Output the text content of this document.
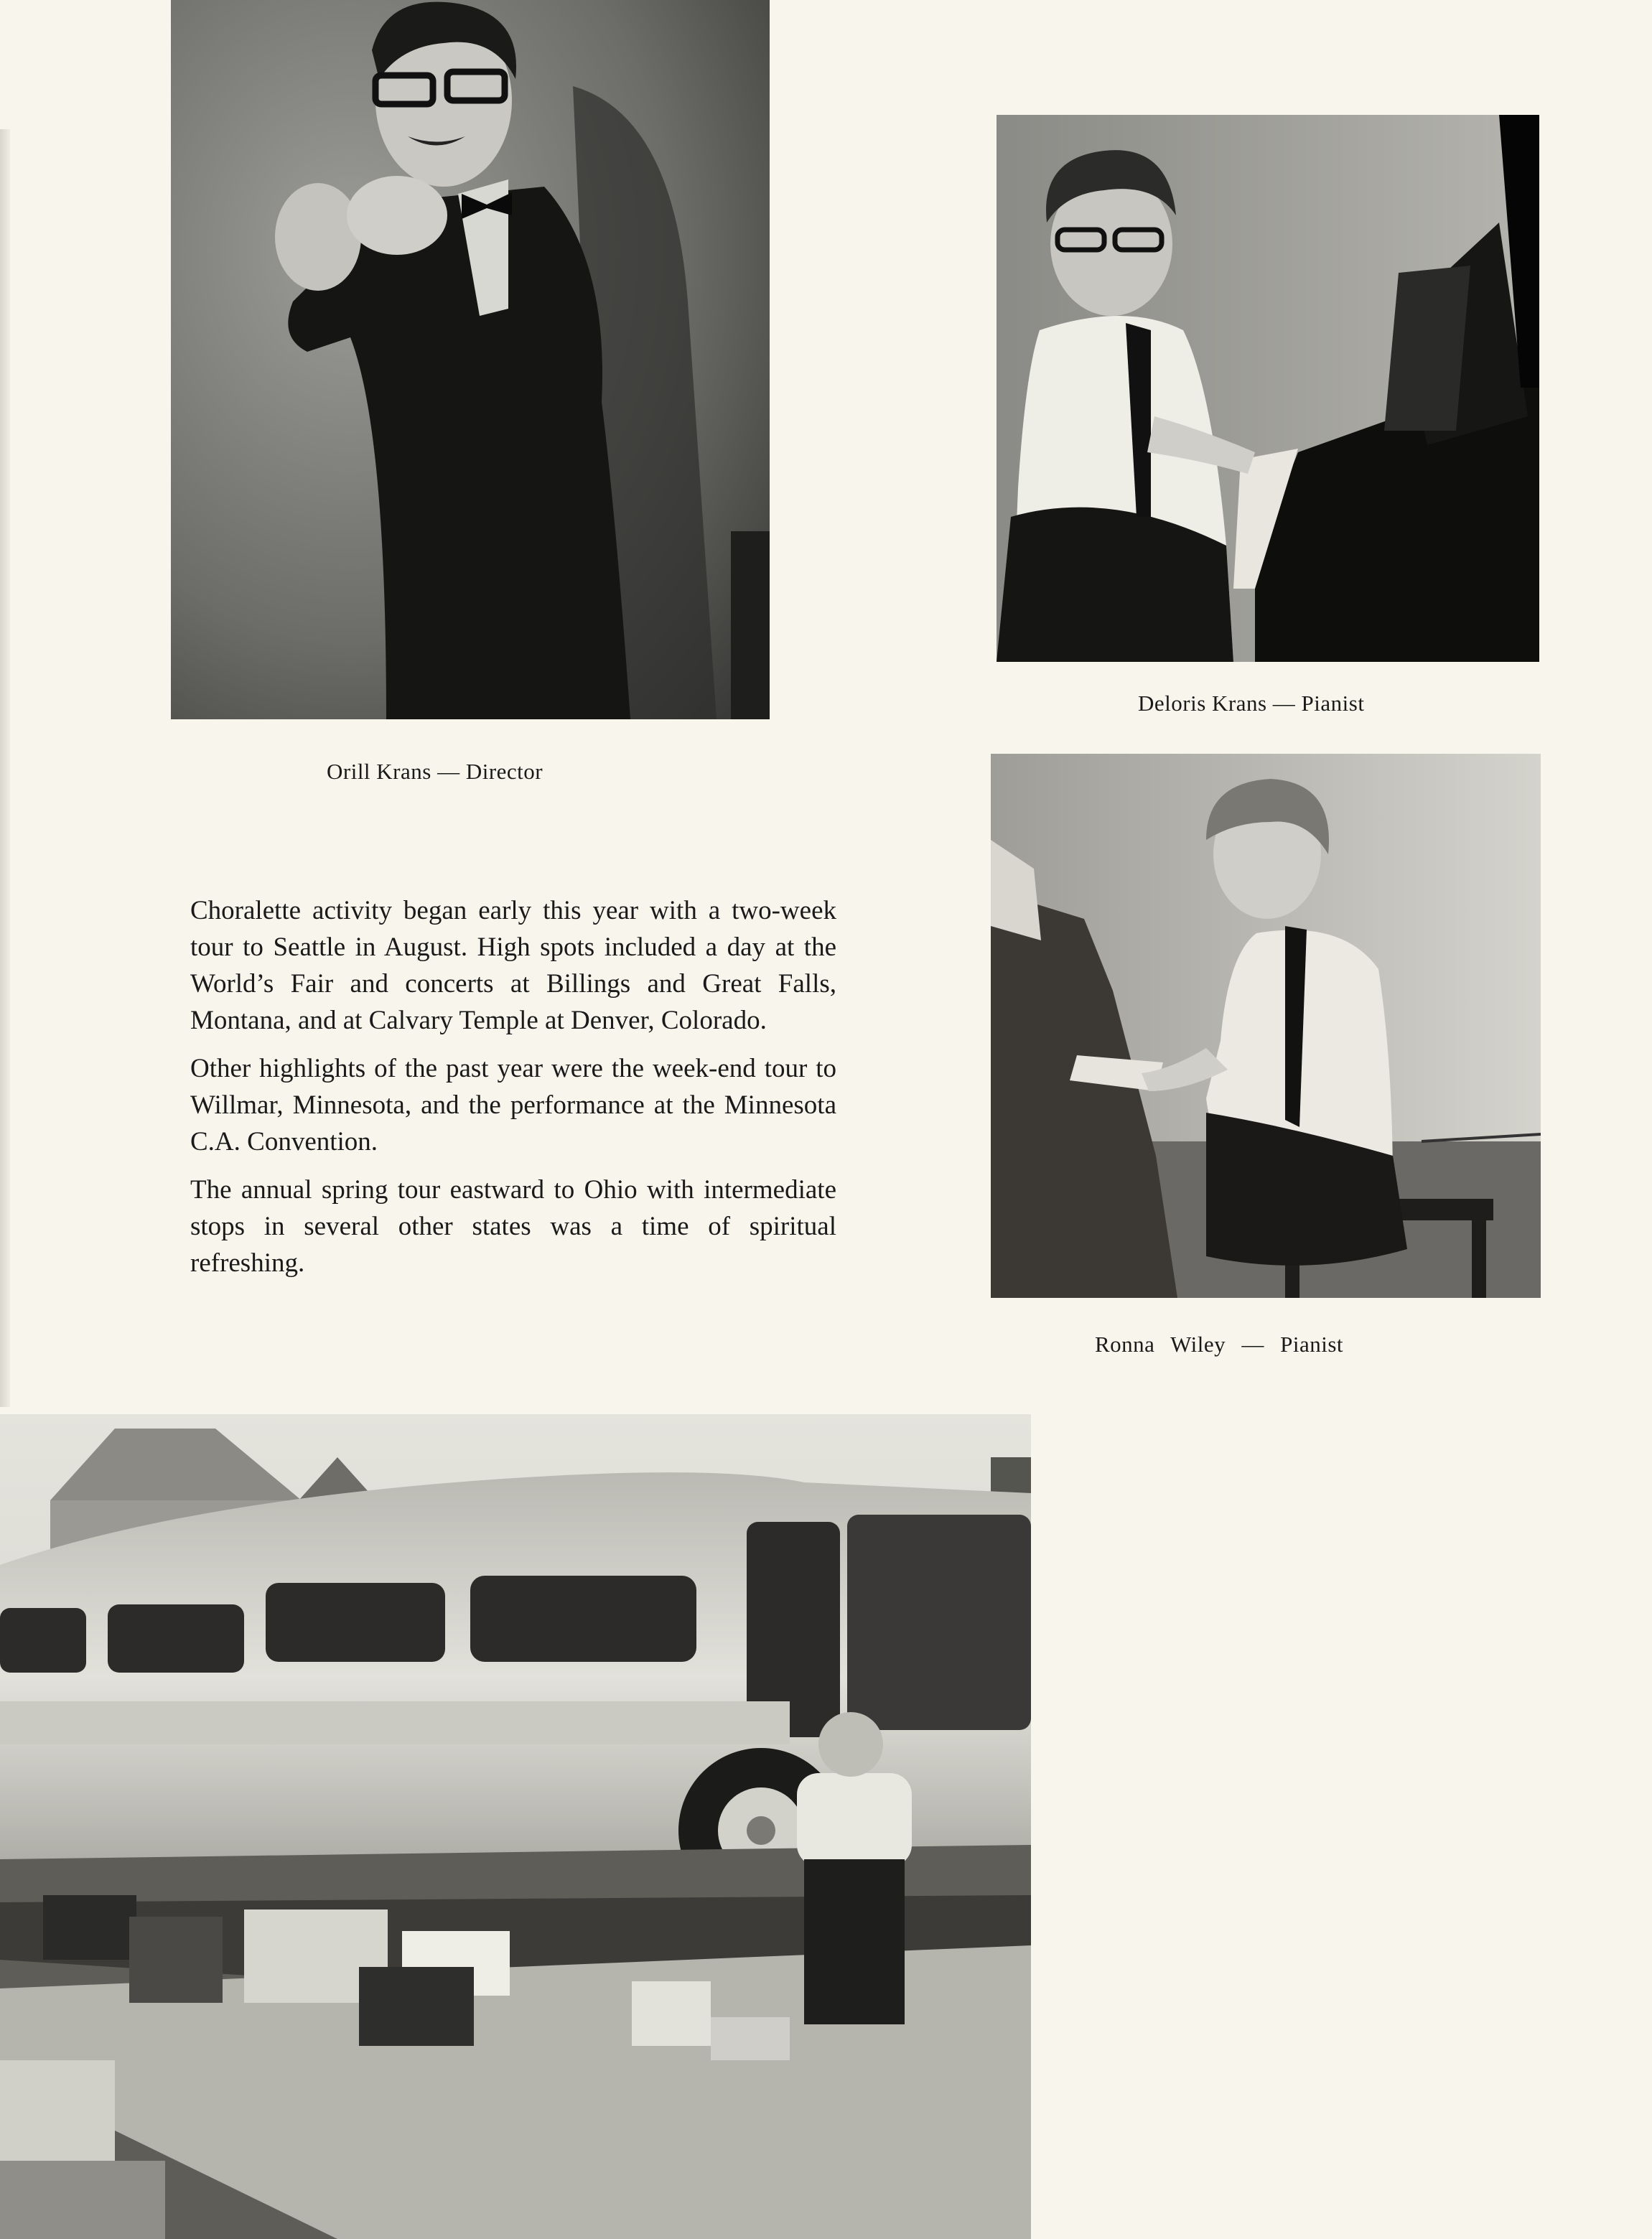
Orill Krans — Director
Deloris Krans — Pianist
Ronna Wiley — Pianist

Choralette activity began early this year with a two-week tour to Seattle in August. High spots included a day at the World’s Fair and concerts at Billings and Great Falls, Montana, and at Calvary Temple at Denver, Colorado.

Other highlights of the past year were the week-end tour to Willmar, Minnesota, and the performance at the Minnesota C.A. Convention.

The annual spring tour eastward to Ohio with intermediate stops in several other states was a time of spiritual refreshing.
